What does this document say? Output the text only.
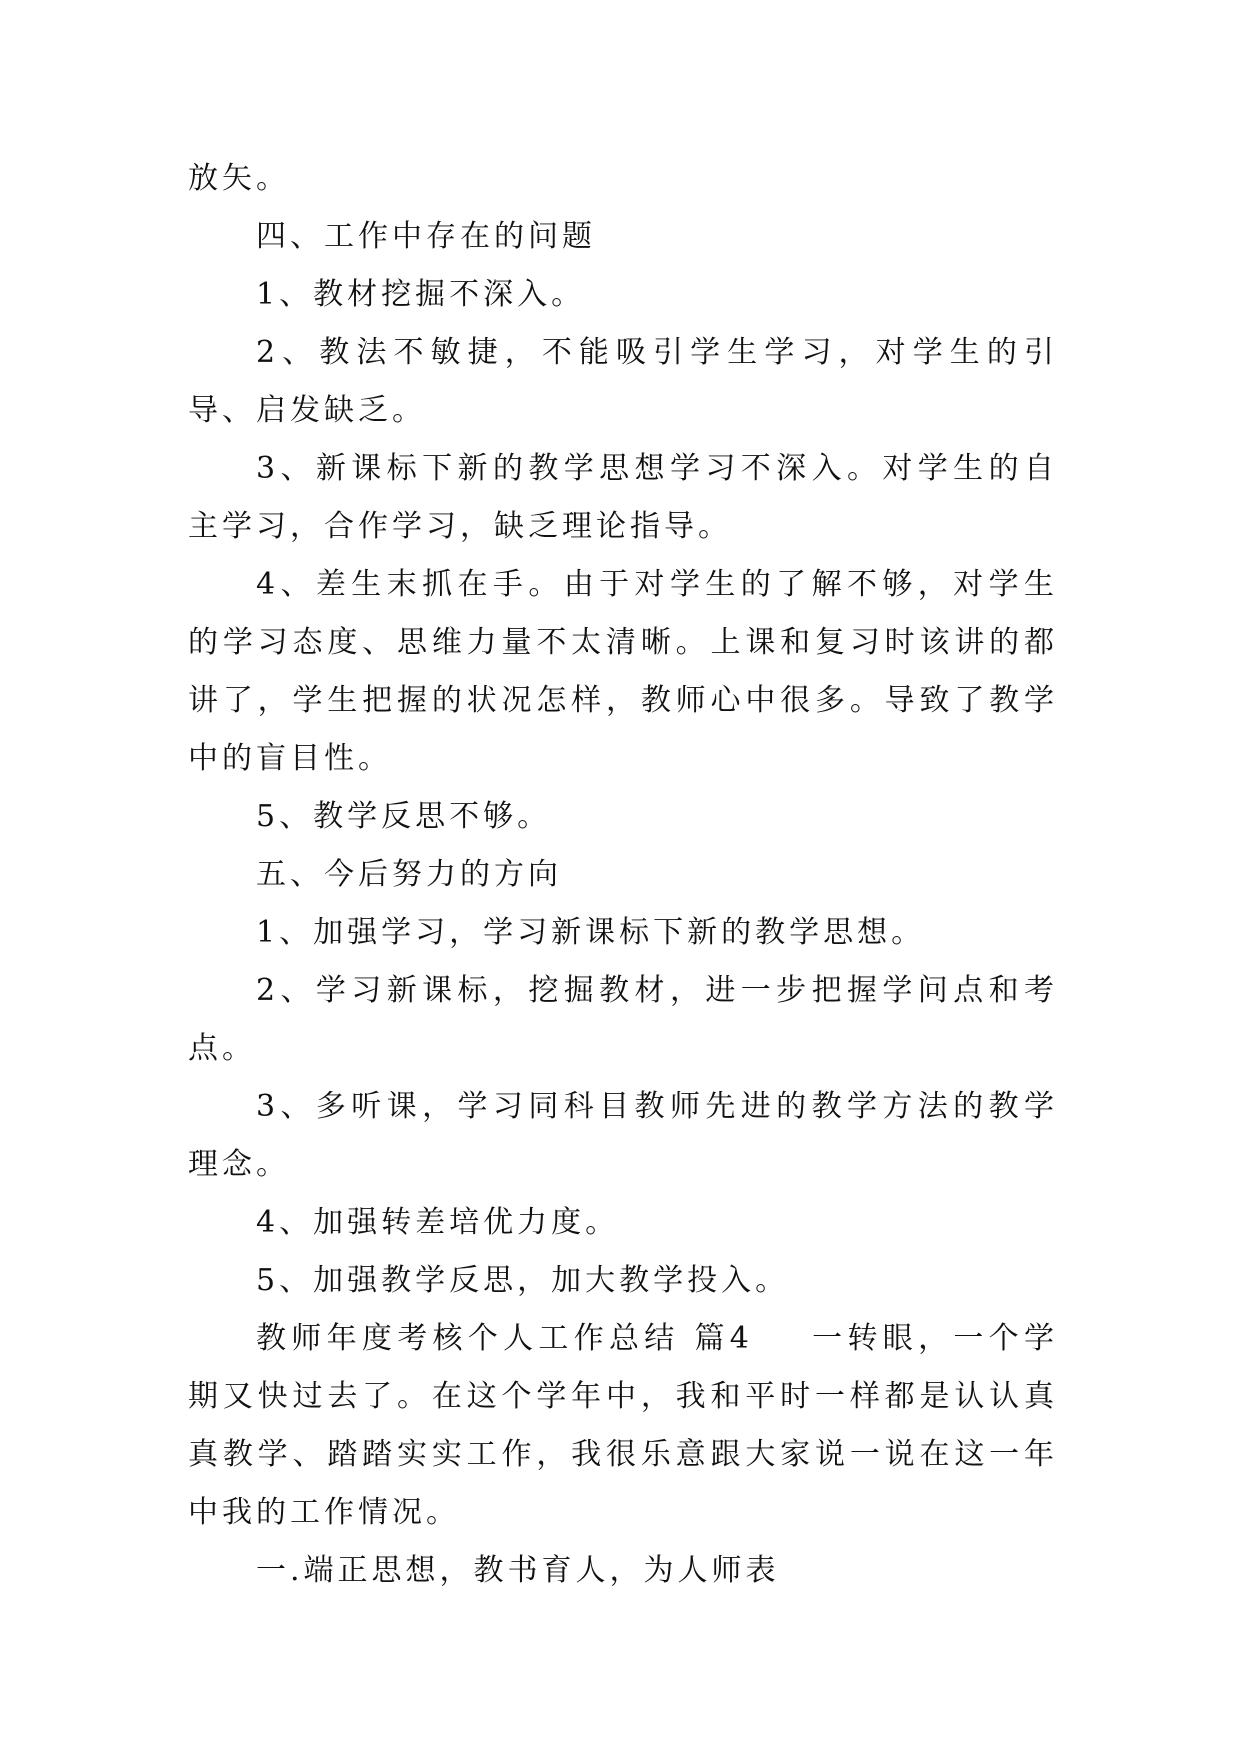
放矢。

四、工作中存在的问题

1、教材挖掘不深入。

2、教法不敏捷，不能吸引学生学习，对学生的引导、启发缺乏。

3、新课标下新的教学思想学习不深入。对学生的自主学习，合作学习，缺乏理论指导。

4、差生末抓在手。由于对学生的了解不够，对学生的学习态度、思维力量不太清晰。上课和复习时该讲的都讲了，学生把握的状况怎样，教师心中很多。导致了教学中的盲目性。

5、教学反思不够。

五、今后努力的方向

1、加强学习，学习新课标下新的教学思想。

2、学习新课标，挖掘教材，进一步把握学问点和考点。

3、多听课，学习同科目教师先进的教学方法的教学理念。

4、加强转差培优力度。

5、加强教学反思，加大教学投入。

教师年度考核个人工作总结 篇4    一转眼，一个学期又快过去了。在这个学年中，我和平时一样都是认认真真教学、踏踏实实工作，我很乐意跟大家说一说在这一年中我的工作情况。

一.端正思想，教书育人，为人师表
